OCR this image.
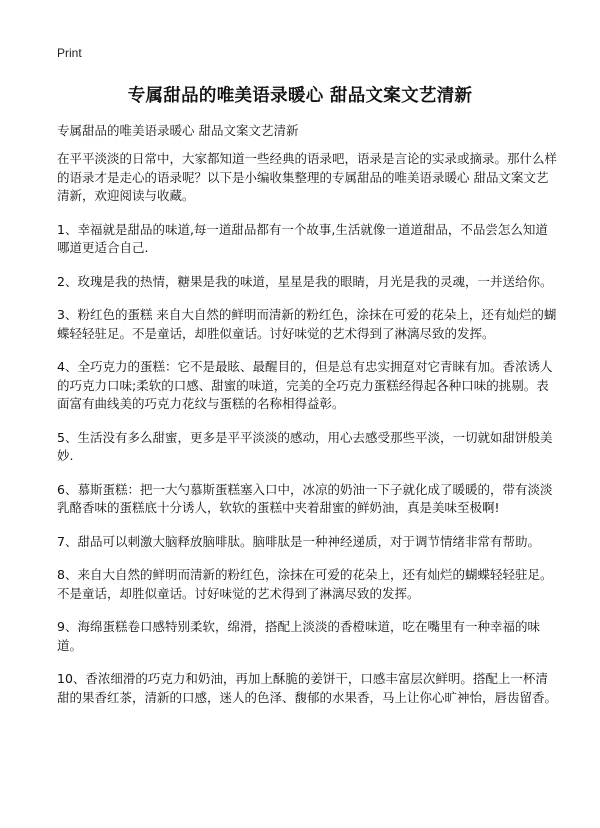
Print
专属甜品的唯美语录暖心 甜品文案文艺清新
专属甜品的唯美语录暖心 甜品文案文艺清新

在平平淡淡的日常中，大家都知道一些经典的语录吧，语录是言论的实录或摘录。那什么样的语录才是走心的语录呢？以下是小编收集整理的专属甜品的唯美语录暖心 甜品文案文艺清新，欢迎阅读与收藏。

1、幸福就是甜品的味道,每一道甜品都有一个故事,生活就像一道道甜品，不品尝怎么知道哪道更适合自己.

2、玫瑰是我的热情，糖果是我的味道，星星是我的眼睛，月光是我的灵魂，一并送给你。

3、粉红色的蛋糕 来自大自然的鲜明而清新的粉红色，涂抹在可爱的花朵上，还有灿烂的蝴蝶轻轻驻足。不是童话，却胜似童话。讨好味觉的艺术得到了淋漓尽致的发挥。

4、全巧克力的蛋糕：它不是最眩、最醒目的，但是总有忠实拥趸对它青睐有加。香浓诱人的巧克力口味;柔软的口感、甜蜜的味道，完美的全巧克力蛋糕经得起各种口味的挑剔。表面富有曲线美的巧克力花纹与蛋糕的名称相得益彰。

5、生活没有多么甜蜜，更多是平平淡淡的感动，用心去感受那些平淡，一切就如甜饼般美妙.

6、慕斯蛋糕：把一大勺慕斯蛋糕塞入口中，冰凉的奶油一下子就化成了暖暖的，带有淡淡乳酪香味的蛋糕底十分诱人，软软的蛋糕中夹着甜蜜的鲜奶油，真是美味至极啊!

7、甜品可以刺激大脑释放脑啡肽。脑啡肽是一种神经递质，对于调节情绪非常有帮助。

8、来自大自然的鲜明而清新的粉红色，涂抹在可爱的花朵上，还有灿烂的蝴蝶轻轻驻足。不是童话，却胜似童话。讨好味觉的艺术得到了淋漓尽致的发挥。

9、海绵蛋糕卷口感特别柔软，绵滑，搭配上淡淡的香橙味道，吃在嘴里有一种幸福的味道。

10、香浓细滑的巧克力和奶油，再加上酥脆的姜饼干，口感丰富层次鲜明。搭配上一杯清甜的果香红茶，清新的口感，迷人的色泽、馥郁的水果香，马上让你心旷神怡，唇齿留香。
